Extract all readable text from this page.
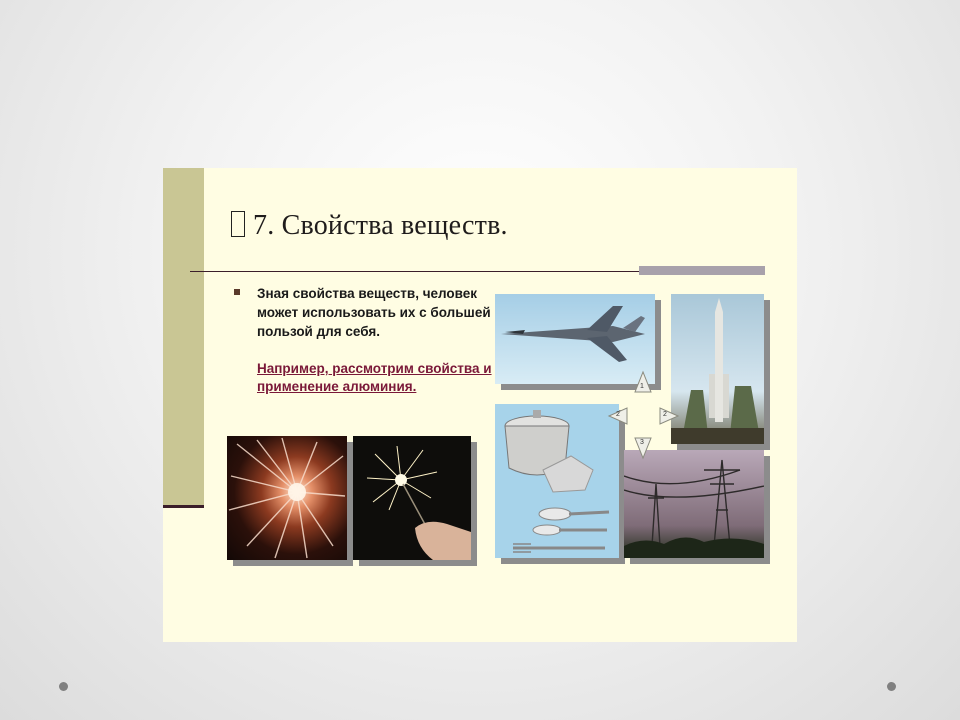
7. Свойства веществ.
Зная свойства веществ, человек может использовать их с большей пользой для себя.
Например, рассмотрим свойства и применение алюминия.	1
2	2
3
